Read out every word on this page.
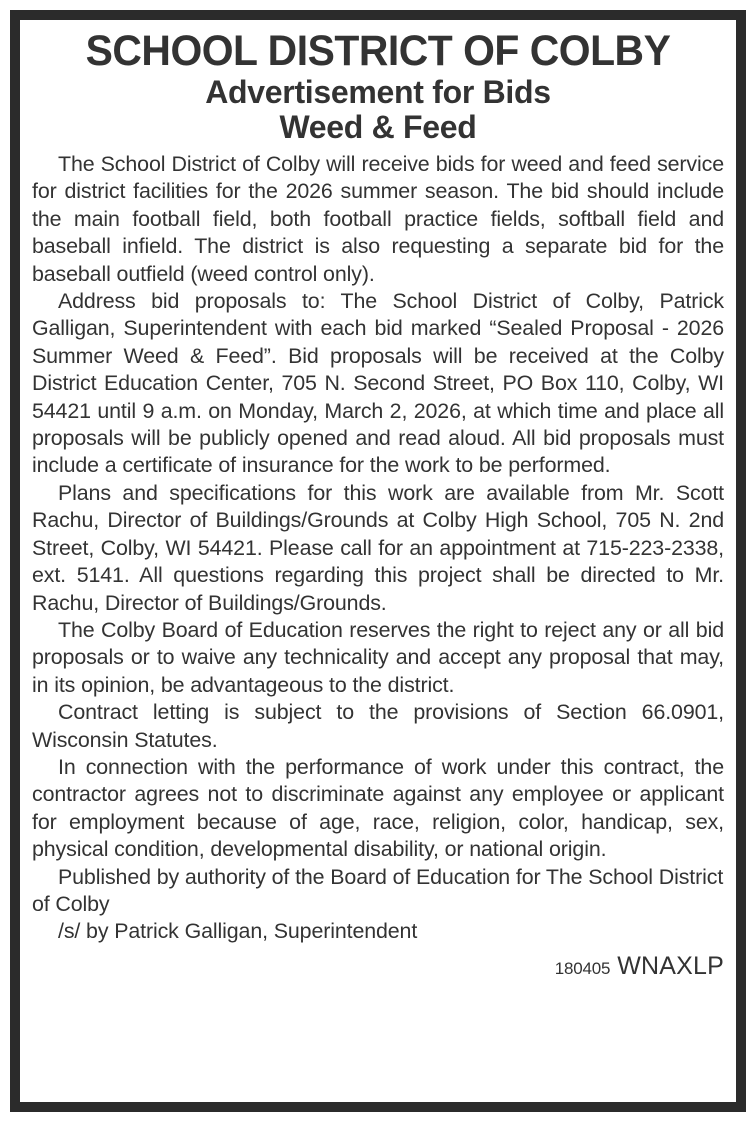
SCHOOL DISTRICT OF COLBY
Advertisement for Bids
Weed & Feed

The School District of Colby will receive bids for weed and feed service for district facilities for the 2026 summer season. The bid should include the main football field, both football practice fields, softball field and baseball infield. The district is also requesting a separate bid for the baseball outfield (weed control only).

Address bid proposals to: The School District of Colby, Patrick Galligan, Superintendent with each bid marked “Sealed Proposal - 2026 Summer Weed & Feed”. Bid proposals will be received at the Colby District Education Center, 705 N. Second Street, PO Box 110, Colby, WI 54421 until 9 a.m. on Monday, March 2, 2026, at which time and place all proposals will be publicly opened and read aloud. All bid proposals must include a certificate of insurance for the work to be performed.

Plans and specifications for this work are available from Mr. Scott Rachu, Director of Buildings/Grounds at Colby High School, 705 N. 2nd Street, Colby, WI 54421. Please call for an appointment at 715-223-2338, ext. 5141. All questions regarding this project shall be directed to Mr. Rachu, Director of Buildings/Grounds.

The Colby Board of Education reserves the right to reject any or all bid proposals or to waive any technicality and accept any proposal that may, in its opinion, be advantageous to the district.

Contract letting is subject to the provisions of Section 66.0901, Wisconsin Statutes.

In connection with the performance of work under this contract, the contractor agrees not to discriminate against any employee or applicant for employment because of age, race, religion, color, handicap, sex, physical condition, developmental disability, or national origin.

Published by authority of the Board of Education for The School District of Colby

/s/ by Patrick Galligan, Superintendent

180405 WNAXLP
